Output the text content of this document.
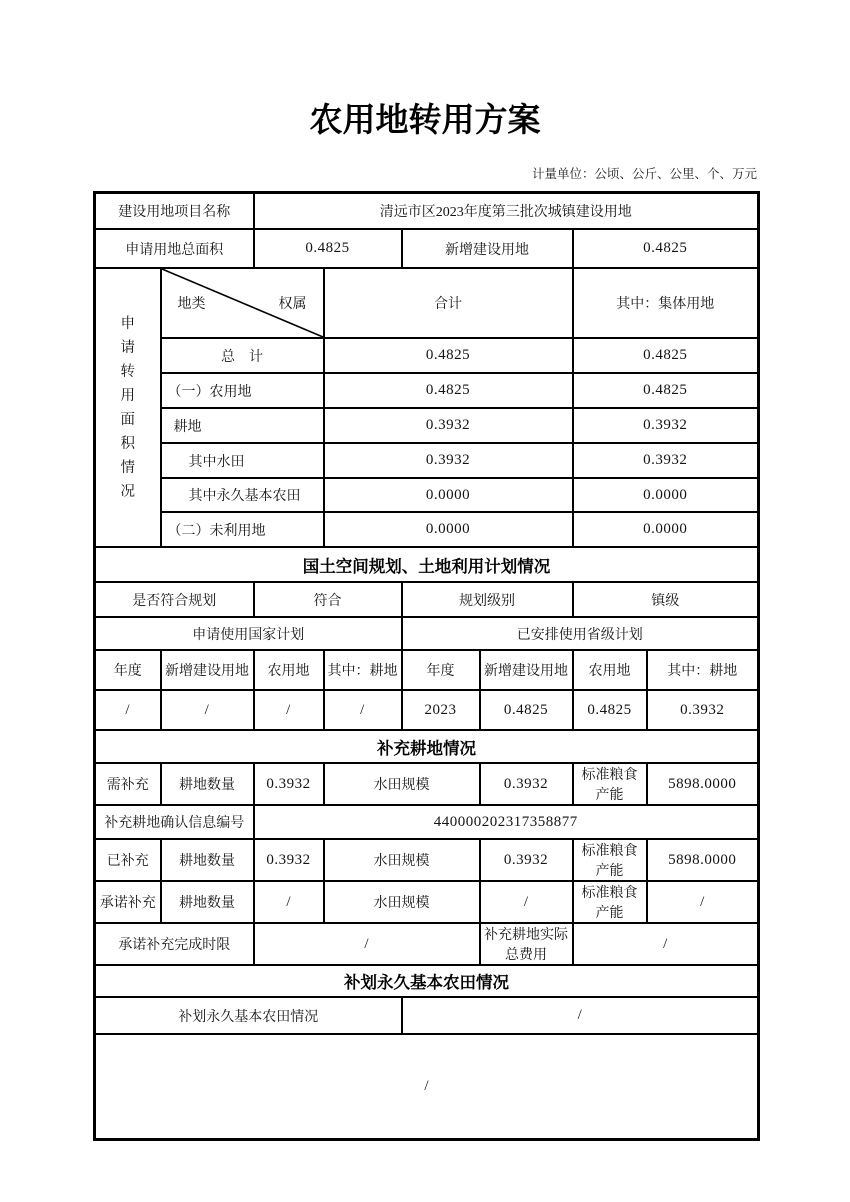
农用地转用方案
计量单位：公顷、公斤、公里、个、万元
建设用地项目名称		清远市区2023年度第三批次城镇建设用地					
申请用地总面积		0.4825		新增建设用地		0.4825	

申请转用面积情况	地类 权属		合计			其中：集体用地	
	总　计		0.4825			0.4825	
	（一）农用地		0.4825			0.4825	
	耕地		0.3932			0.3932	
	其中水田		0.3932			0.3932	
	其中永久基本农田		0.0000			0.0000	
	（二）未利用地		0.0000			0.0000	
国土空间规划、土地利用计划情况							
是否符合规划		符合		规划级别		镇级	
申请使用国家计划				已安排使用省级计划			
年度	新增建设用地	农用地	其中：耕地	年度	新增建设用地	农用地	其中：耕地
/	/	/	/	2023	0.4825	0.4825	0.3932
补充耕地情况							
需补充	耕地数量	0.3932	水田规模		0.3932	标准粮食产能	5898.0000
补充耕地确认信息编号		440000202317358877					
已补充	耕地数量	0.3932	水田规模		0.3932	标准粮食产能	5898.0000
承诺补充	耕地数量	/	水田规模		/	标准粮食产能	/
承诺补充完成时限		/			补充耕地实际总费用	/	
补划永久基本农田情况							
补划永久基本农田情况				/			
/							
